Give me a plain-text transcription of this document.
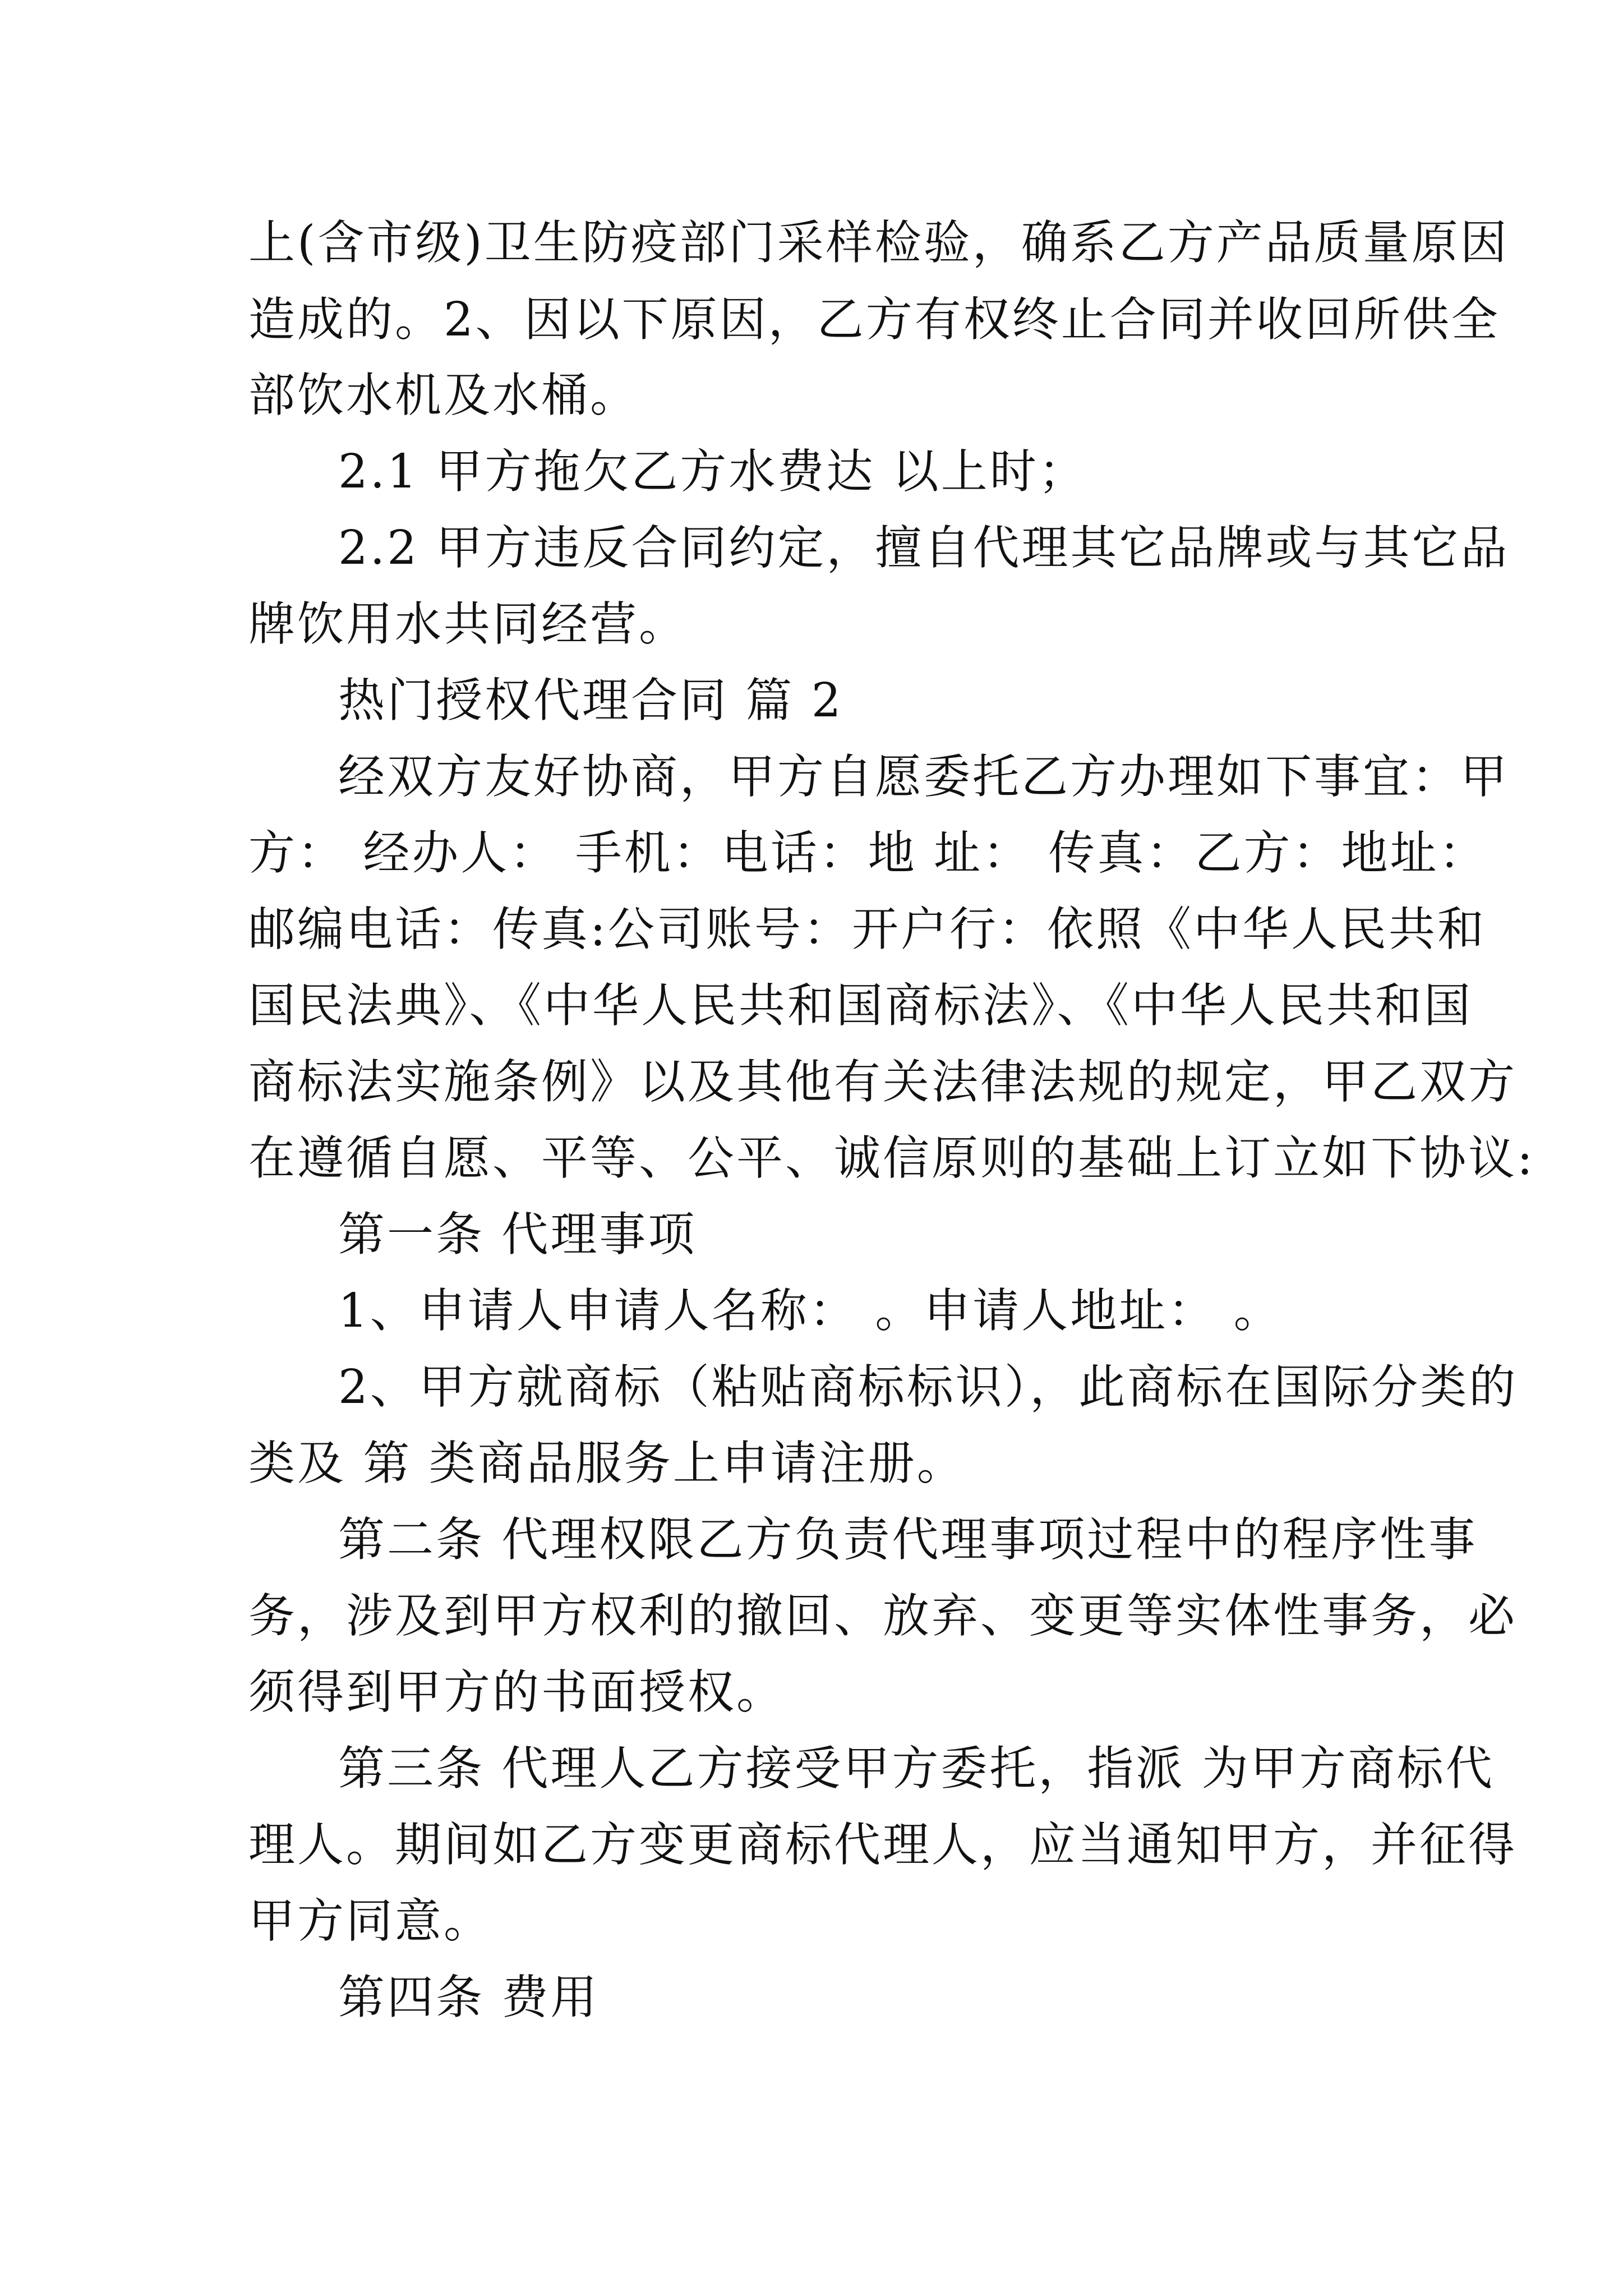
上(含市级)卫生防疫部门采样检验，确系乙方产品质量原因
造成的。2、因以下原因，乙方有权终止合同并收回所供全
部饮水机及水桶。
2.1 甲方拖欠乙方水费达 以上时；
2.2 甲方违反合同约定，擅自代理其它品牌或与其它品
牌饮用水共同经营。
热门授权代理合同 篇 2
经双方友好协商，甲方自愿委托乙方办理如下事宜：甲
方： 经办人： 手机：电话：地 址： 传真：乙方：地址：
邮编电话：传真:公司账号：开户行：依照《中华人民共和
国民法典》、《中华人民共和国商标法》、《中华人民共和国
商标法实施条例》以及其他有关法律法规的规定，甲乙双方
在遵循自愿、平等、公平、诚信原则的基础上订立如下协议:
第一条 代理事项
1、申请人申请人名称： 。申请人地址： 。
2、甲方就商标（粘贴商标标识），此商标在国际分类的
类及 第 类商品服务上申请注册。
第二条 代理权限乙方负责代理事项过程中的程序性事
务，涉及到甲方权利的撤回、放弃、变更等实体性事务，必
须得到甲方的书面授权。
第三条 代理人乙方接受甲方委托，指派 为甲方商标代
理人。期间如乙方变更商标代理人，应当通知甲方，并征得
甲方同意。
第四条 费用
